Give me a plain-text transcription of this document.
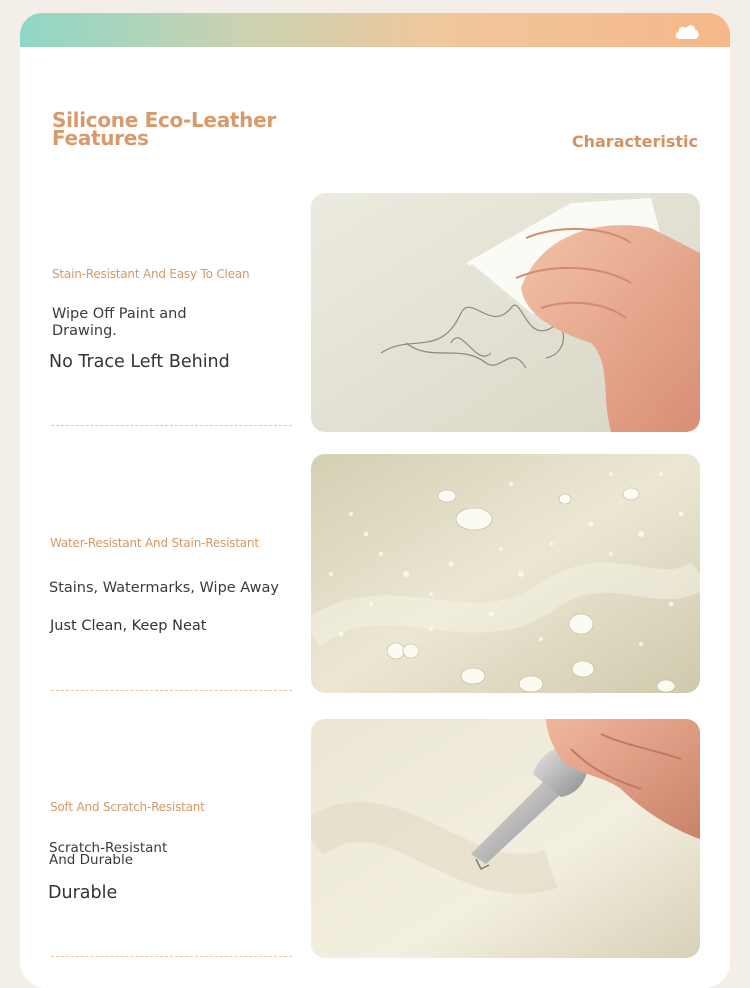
Silicone Eco-Leather
Features	Characteristic
Stain-Resistant And Easy To Clean
Wipe Off Paint and Drawing.
No Trace Left Behind
Water-Resistant And Stain-Resistant
Stains, Watermarks, Wipe Away
Just Clean, Keep Neat
Soft And Scratch-Resistant
Scratch-Resistant And Durable
Durable
